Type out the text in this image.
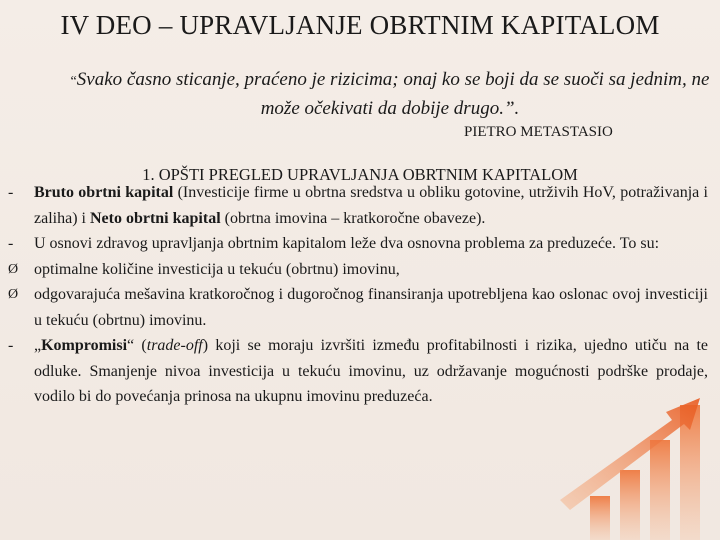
IV DEO – UPRAVLJANJE OBRTNIM KAPITALOM
“Svako časno sticanje, praćeno je rizicima; onaj ko se boji da se suoči sa jednim, ne može očekivati da dobije drugo.”.
PIETRO METASTASIO
1. OPŠTI PREGLED UPRAVLJANJA OBRTNIM KAPITALOM
-	Bruto obrtni kapital (Investicije firme u obrtna sredstva u obliku gotovine, utrživih HoV, potraživanja i zaliha) i Neto obrtni kapital (obrtna imovina – kratkoročne obaveze).
-	U osnovi zdravog upravljanja obrtnim kapitalom leže dva osnovna problema za preduzeće. To su:
Ø optimalne količine investicija u tekuću (obrtnu) imovinu,
Ø odgovarajuća mešavina kratkoročnog i dugoročnog finansiranja upotrebljena kao oslonac ovoj investiciji u tekuću (obrtnu) imovinu.
-	„Kompromisi“ (trade-off) koji se moraju izvršiti između profitabilnosti i rizika, ujedno utiču na te odluke. Smanjenje nivoa investicija u tekuću imovinu, uz održavanje mogućnosti podrške prodaje, vodilo bi do povećanja prinosa na ukupnu imovinu preduzeća.
